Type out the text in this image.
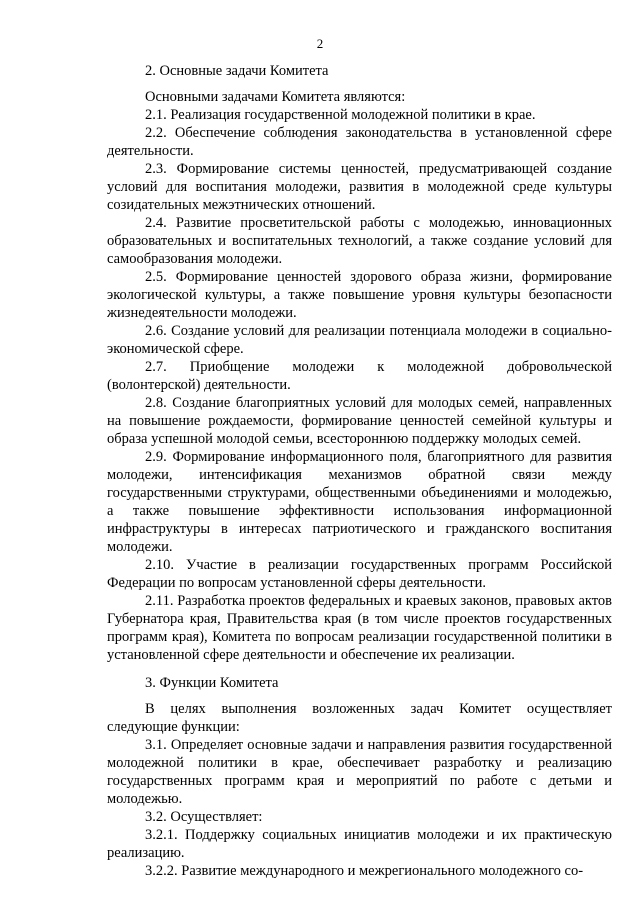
2

2. Основные задачи Комитета

Основными задачами Комитета являются:

2.1. Реализация государственной молодежной политики в крае.

2.2. Обеспечение соблюдения законодательства в установленной сфере деятельности.

2.3. Формирование системы ценностей, предусматривающей создание условий для воспитания молодежи, развития в молодежной среде культуры созидательных межэтнических отношений.

2.4. Развитие просветительской работы с молодежью, инновационных образовательных и воспитательных технологий, а также создание условий для самообразования молодежи.

2.5. Формирование ценностей здорового образа жизни, формирование экологической культуры, а также повышение уровня культуры безопасности жизнедеятельности молодежи.

2.6. Создание условий для реализации потенциала молодежи в социально-экономической сфере.

2.7. Приобщение молодежи к молодежной добровольческой (волонтерской) деятельности.

2.8. Создание благоприятных условий для молодых семей, направленных на повышение рождаемости, формирование ценностей семейной культуры и образа успешной молодой семьи, всестороннюю поддержку молодых семей.

2.9. Формирование информационного поля, благоприятного для развития молодежи, интенсификация механизмов обратной связи между государственными структурами, общественными объединениями и молодежью, а также повышение эффективности использования информационной инфраструктуры в интересах патриотического и гражданского воспитания молодежи.

2.10. Участие в реализации государственных программ Российской Федерации по вопросам установленной сферы деятельности.

2.11. Разработка проектов федеральных и краевых законов, правовых актов Губернатора края, Правительства края (в том числе проектов государственных программ края), Комитета по вопросам реализации государственной политики в установленной сфере деятельности и обеспечение их реализации.

3. Функции Комитета

В целях выполнения возложенных задач Комитет осуществляет следующие функции:

3.1. Определяет основные задачи и направления развития государственной молодежной политики в крае, обеспечивает разработку и реализацию государственных программ края и мероприятий по работе с детьми и молодежью.

3.2. Осуществляет:

3.2.1. Поддержку социальных инициатив молодежи и их практическую реализацию.

3.2.2. Развитие международного и межрегионального молодежного со-
